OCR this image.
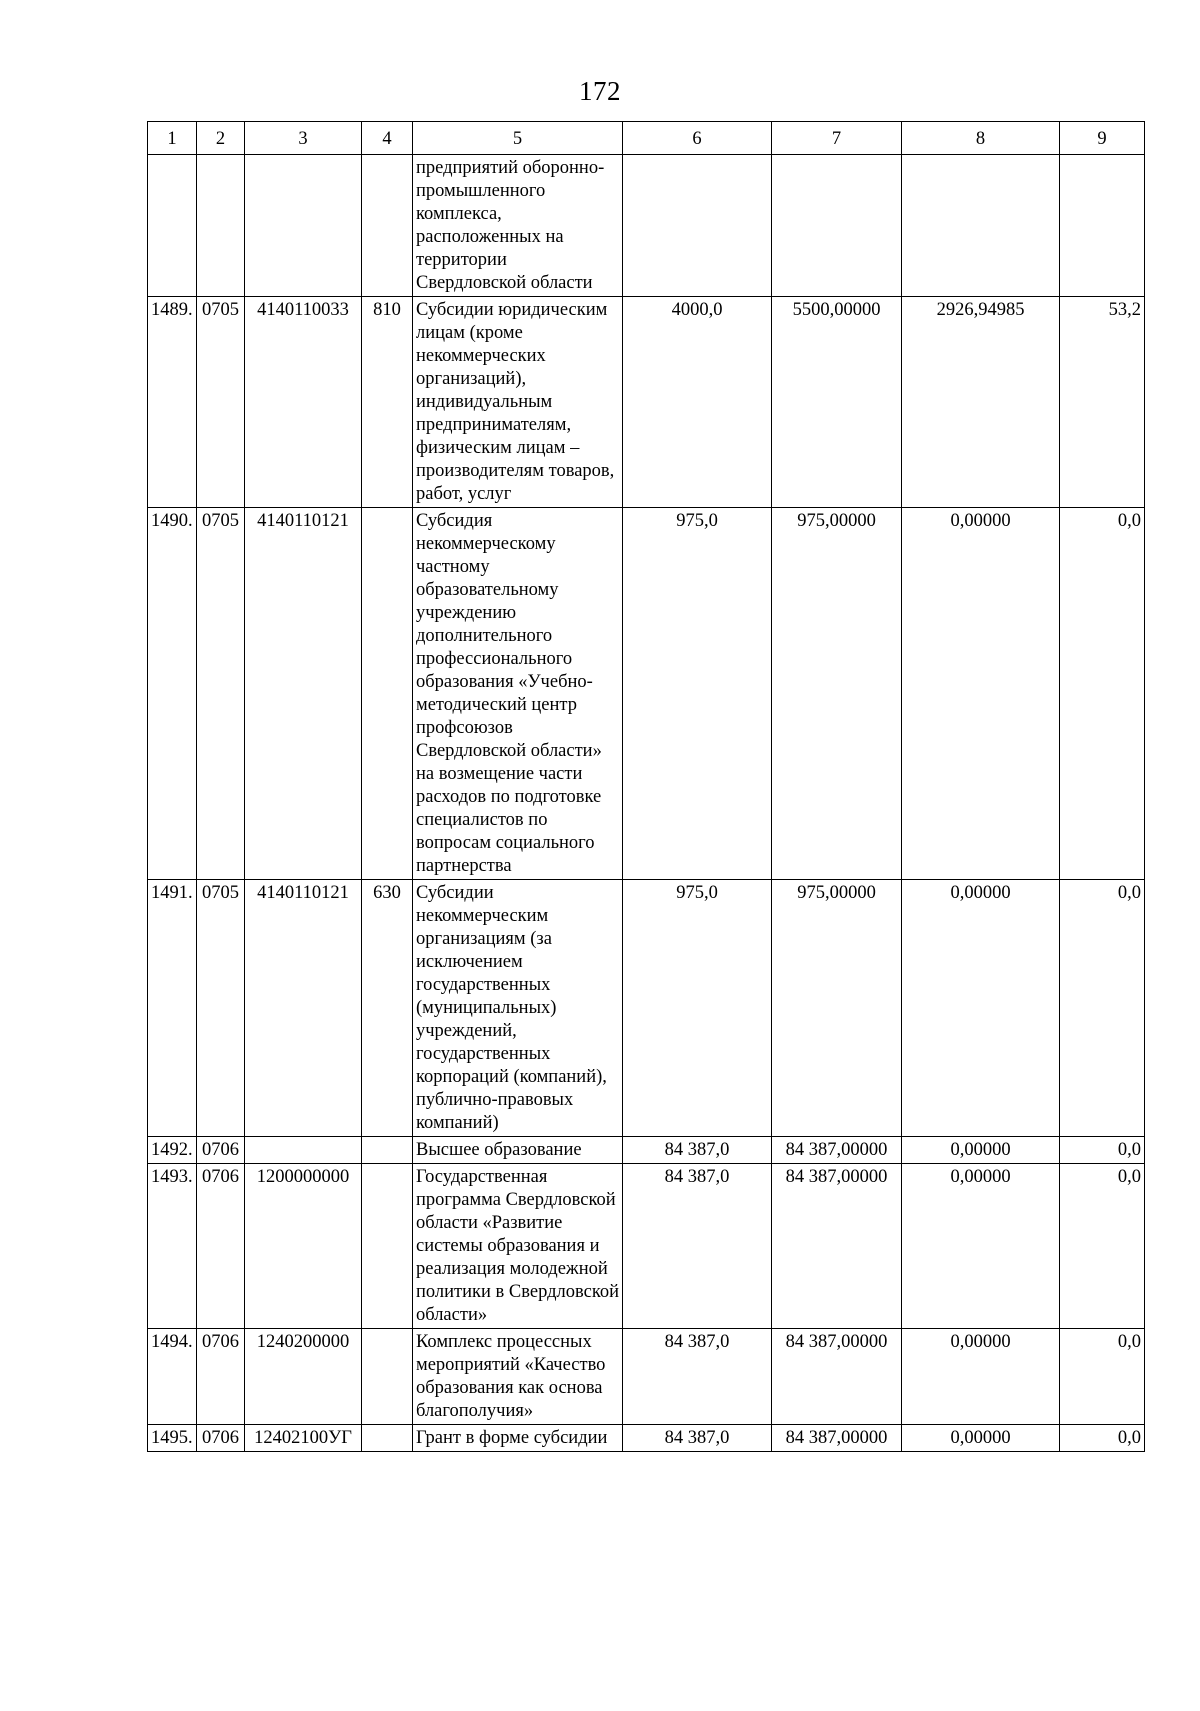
172
1	2	3	4	5	6	7	8	9
				предприятий оборонно-промышленного комплекса, расположенных на территории Свердловской области				
1489.	0705	4140110033	810	Субсидии юридическим лицам (кроме некоммерческих организаций), индивидуальным предпринимателям, физическим лицам – производителям товаров, работ, услуг	4000,0	5500,00000	2926,94985	53,2
1490.	0705	4140110121		Субсидия некоммерческому частному образовательному учреждению дополнительного профессионального образования «Учебно-методический центр профсоюзов Свердловской области» на возмещение части расходов по подготовке специалистов по вопросам социального партнерства	975,0	975,00000	0,00000	0,0
1491.	0705	4140110121	630	Субсидии некоммерческим организациям (за исключением государственных (муниципальных) учреждений, государственных корпораций (компаний), публично-правовых компаний)	975,0	975,00000	0,00000	0,0
1492.	0706			Высшее образование	84 387,0	84 387,00000	0,00000	0,0
1493.	0706	1200000000		Государственная программа Свердловской области «Развитие системы образования и реализация молодежной политики в Свердловской области»	84 387,0	84 387,00000	0,00000	0,0
1494.	0706	1240200000		Комплекс процессных мероприятий «Качество образования как основа благополучия»	84 387,0	84 387,00000	0,00000	0,0
1495.	0706	12402100УГ		Грант в форме субсидии	84 387,0	84 387,00000	0,00000	0,0
